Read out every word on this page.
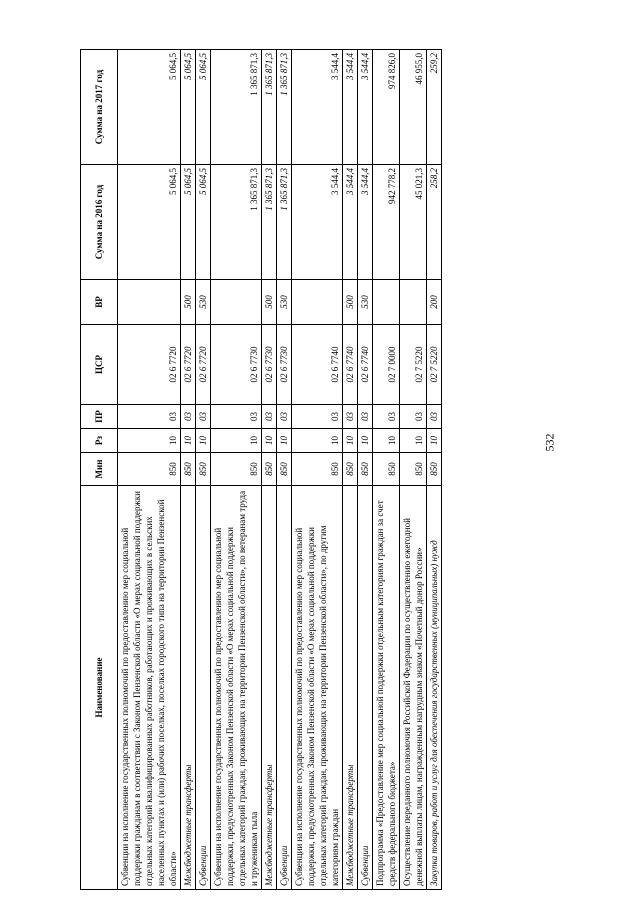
532
Наименование	Мин	Рз	ПР	ЦСР	ВР	Сумма на 2016 год	Сумма на 2017 год
Субвенции на исполнение государственных полномочий по предоставлению мер социальной поддержки гражданам в соответствии с Законом Пензенской области «О мерах социальной поддержки отдельных категорий квалифицированных работников, работающих и проживающих в сельских населенных пунктах и (или) рабочих поселках, поселках городского типа на территории Пензенской области»	850	10	03	02 6 7720		5 064,5	5 064,5
Межбюджетные трансферты	850	10	03	02 6 7720	500	5 064,5	5 064,5
Субвенции	850	10	03	02 6 7720	530	5 064,5	5 064,5
Субвенции на исполнение государственных полномочий по предоставлению мер социальной поддержки, предусмотренных Законом Пензенской области «О мерах социальной поддержки отдельных категорий граждан, проживающих на территории Пензенской области», по ветеранам труда и труженикам тыла	850	10	03	02 6 7730		1 365 871,3	1 365 871,3
Межбюджетные трансферты	850	10	03	02 6 7730	500	1 365 871,3	1 365 871,3
Субвенции	850	10	03	02 6 7730	530	1 365 871,3	1 365 871,3
Субвенции на исполнение государственных полномочий по предоставлению мер социальной поддержки, предусмотренных Законом Пензенской области «О мерах социальной поддержки отдельных категорий граждан, проживающих на территории Пензенской области», по другим категориям граждан	850	10	03	02 6 7740		3 544,4	3 544,4
Межбюджетные трансферты	850	10	03	02 6 7740	500	3 544,4	3 544,4
Субвенции	850	10	03	02 6 7740	530	3 544,4	3 544,4
Подпрограмма «Предоставление мер социальной поддержки отдельным категориям граждан за счет средств федерального бюджета»	850	10	03	02 7 0000		942 778,2	974 826,0
Осуществление переданного полномочия Российской Федерации по осуществлению ежегодной денежной выплаты лицам, награжденным нагрудным знаком «Почетный донор России»	850	10	03	02 7 5220		45 021,3	46 955,0
Закупка товаров, работ и услуг для обеспечения государственных (муниципальных) нужд	850	10	03	02 7 5220	200	258,2	259,2
